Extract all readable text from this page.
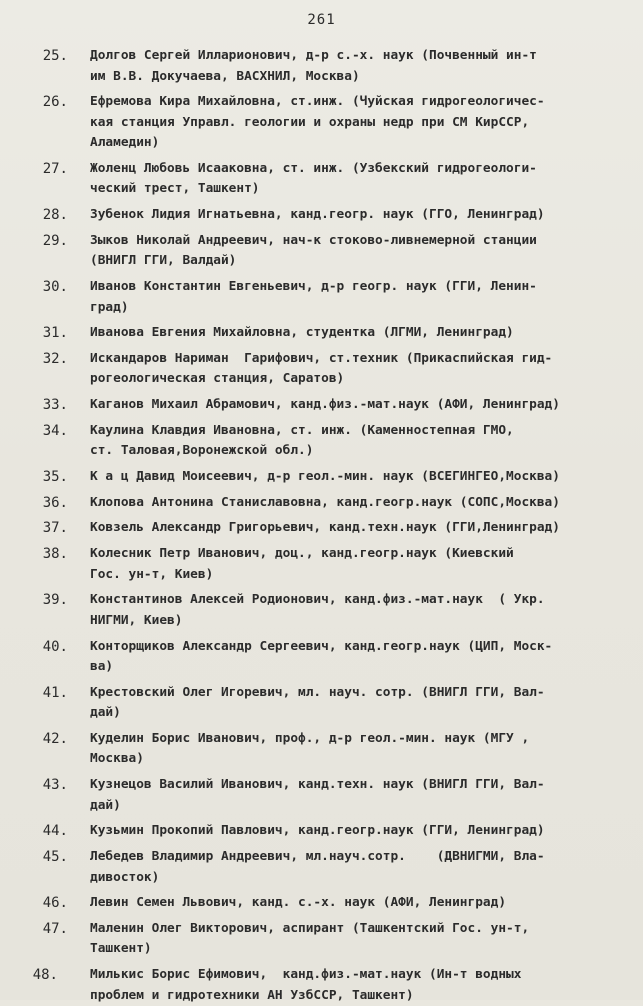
261
25. Долгов Сергей Илларионович, д-р с.-х. наук (Почвенный ин-т
им В.В. Докучаева, ВАСХНИЛ, Москва)
26. Ефремова Кира Михайловна, ст.инж. (Чуйская гидрогеологичес-
кая станция Управл. геологии и охраны недр при СМ КирССР,
Аламедин)
27. Жоленц Любовь Исааковна, ст. инж. (Узбекский гидрогеологи-
ческий трест, Ташкент)
28. Зубенок Лидия Игнатьевна, канд.геогр. наук (ГГО, Ленинград)
29. Зыков Николай Андреевич, нач-к стоково-ливнемерной станции
(ВНИГЛ ГГИ, Валдай)
30. Иванов Константин Евгеньевич, д-р геогр. наук (ГГИ, Ленин-
град)
31. Иванова Евгения Михайловна, студентка (ЛГМИ, Ленинград)
32. Искандаров Нариман  Гарифович, ст.техник (Прикаспийская гид-
рогеологическая станция, Саратов)
33. Каганов Михаил Абрамович, канд.физ.-мат.наук (АФИ, Ленинград)
34. Каулина Клавдия Ивановна, ст. инж. (Каменностепная ГМО,
ст. Таловая,Воронежской обл.)
35. К а ц Давид Моисеевич, д-р геол.-мин. наук (ВСЕГИНГЕО,Москва)
36. Клопова Антонина Станиславовна, канд.геогр.наук (СОПС,Москва)
37. Ковзель Александр Григорьевич, канд.техн.наук (ГГИ,Ленинград)
38. Колесник Петр Иванович, доц., канд.геогр.наук (Киевский
Гос. ун-т, Киев)
39. Константинов Алексей Родионович, канд.физ.-мат.наук  ( Укр.
НИГМИ, Киев)
40. Конторщиков Александр Сергеевич, канд.геогр.наук (ЦИП, Моск-
ва)
41. Крестовский Олег Игоревич, мл. науч. сотр. (ВНИГЛ ГГИ, Вал-
дай)
42. Куделин Борис Иванович, проф., д-р геол.-мин. наук (МГУ ,
Москва)
43. Кузнецов Василий Иванович, канд.техн. наук (ВНИГЛ ГГИ, Вал-
дай)
44. Кузьмин Прокопий Павлович, канд.геогр.наук (ГГИ, Ленинград)
45. Лебедев Владимир Андреевич, мл.науч.сотр.    (ДВНИГМИ, Вла-
дивосток)
46. Левин Семен Львович, канд. с.-х. наук (АФИ, Ленинград)
47. Маленин Олег Викторович, аспирант (Ташкентский Гос. ун-т,
Ташкент)
48.	Милькис Борис Ефимович,  канд.физ.-мат.наук (Ин-т водных
проблем и гидротехники АН УзбССР, Ташкент)
